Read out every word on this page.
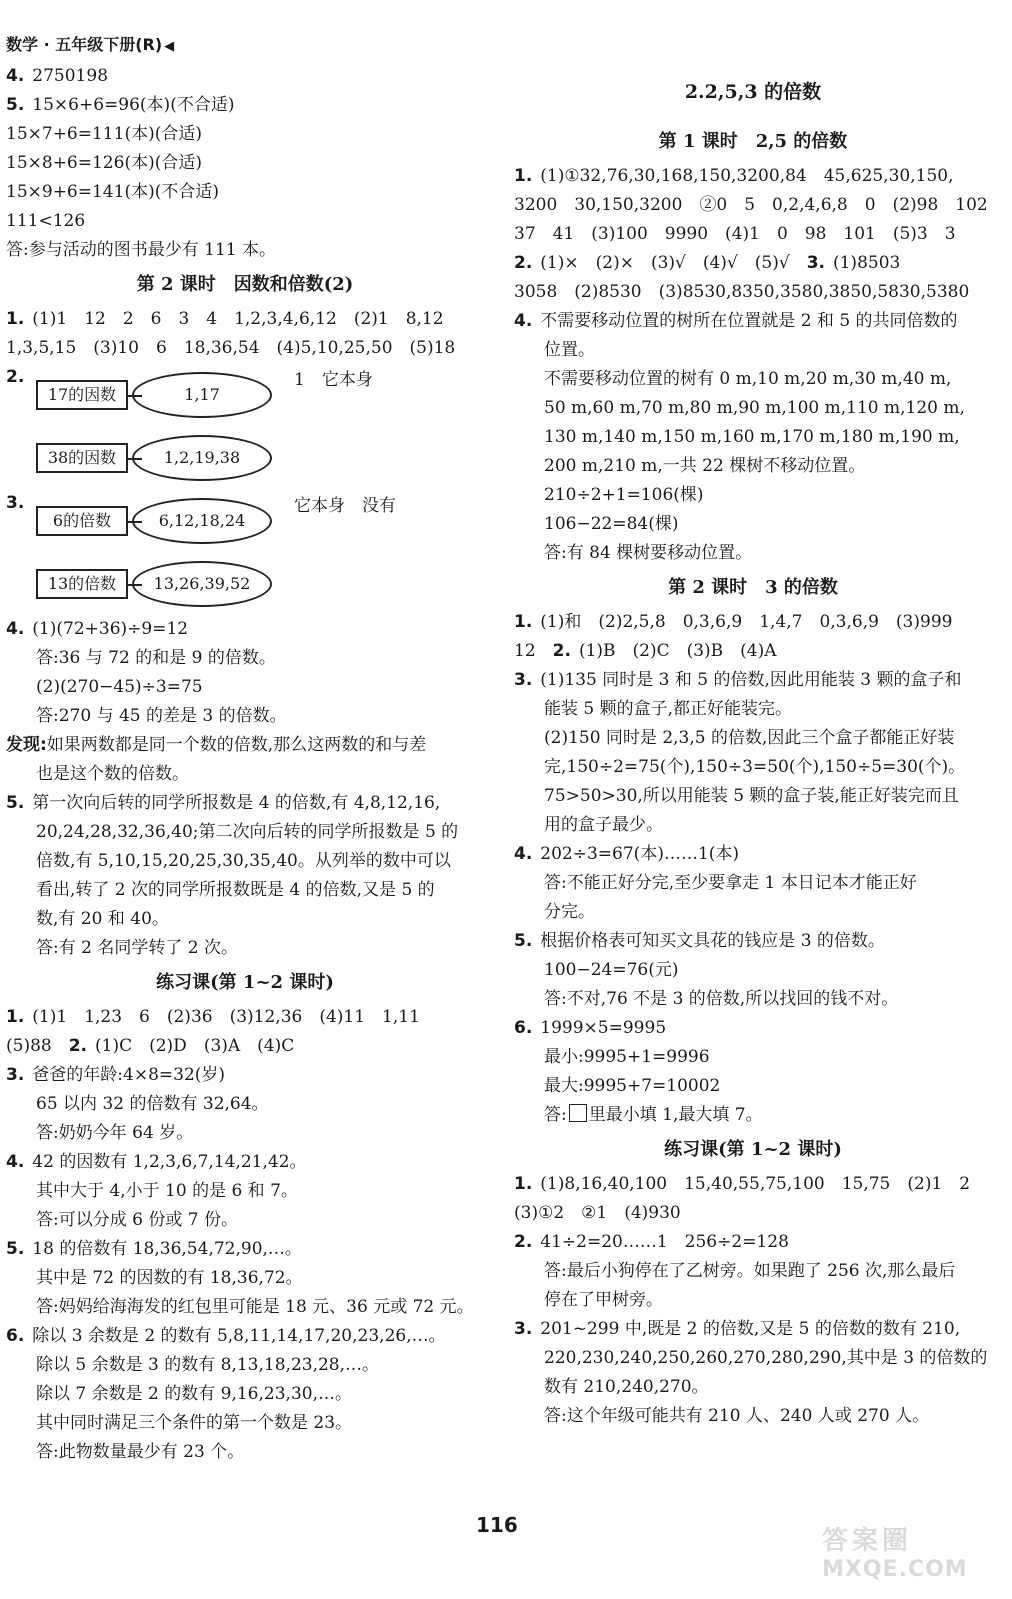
数学 · 五年级下册(R) ◀
4. 2750198
5. 15×6+6=96(本)(不合适)
15×7+6=111(本)(合适)
15×8+6=126(本)(合适)
15×9+6=141(本)(不合适)
111<126
答:参与活动的图书最少有 111 本。
第 2 课时　因数和倍数(2)
1. (1)1　12　2　6　3　4　1,2,3,4,6,12　(2)1　8,12
1,3,5,15　(3)10　6　18,36,54　(4)5,10,25,50　(5)18
2.
17的因数	1,17
1　它本身
38的因数	1,2,19,38
3.
6的倍数	6,12,18,24
它本身　没有
13的倍数	13,26,39,52
4. (1)(72+36)÷9=12
答:36 与 72 的和是 9 的倍数。
(2)(270−45)÷3=75
答:270 与 45 的差是 3 的倍数。
发现:如果两数都是同一个数的倍数,那么这两数的和与差
也是这个数的倍数。
5. 第一次向后转的同学所报数是 4 的倍数,有 4,8,12,16,
20,24,28,32,36,40;第二次向后转的同学所报数是 5 的
倍数,有 5,10,15,20,25,30,35,40。从列举的数中可以
看出,转了 2 次的同学所报数既是 4 的倍数,又是 5 的
数,有 20 和 40。
答:有 2 名同学转了 2 次。
练习课(第 1~2 课时)
1. (1)1　1,23　6　(2)36　(3)12,36　(4)11　1,11
(5)88　2. (1)C　(2)D　(3)A　(4)C
3. 爸爸的年龄:4×8=32(岁)
65 以内 32 的倍数有 32,64。
答:奶奶今年 64 岁。
4. 42 的因数有 1,2,3,6,7,14,21,42。
其中大于 4,小于 10 的是 6 和 7。
答:可以分成 6 份或 7 份。
5. 18 的倍数有 18,36,54,72,90,…。
其中是 72 的因数的有 18,36,72。
答:妈妈给海海发的红包里可能是 18 元、36 元或 72 元。
6. 除以 3 余数是 2 的数有 5,8,11,14,17,20,23,26,…。
除以 5 余数是 3 的数有 8,13,18,23,28,…。
除以 7 余数是 2 的数有 9,16,23,30,…。
其中同时满足三个条件的第一个数是 23。
答:此物数量最少有 23 个。
2.2,5,3 的倍数
第 1 课时　2,5 的倍数
1. (1)①32,76,30,168,150,3200,84　45,625,30,150,
3200　30,150,3200　②0　5　0,2,4,6,8　0　(2)98　102
37　41　(3)100　9990　(4)1　0　98　101　(5)3　3
2. (1)×　(2)×　(3)√　(4)√　(5)√　3. (1)8503
3058　(2)8530　(3)8530,8350,3580,3850,5830,5380
4. 不需要移动位置的树所在位置就是 2 和 5 的共同倍数的
位置。
不需要移动位置的树有 0 m,10 m,20 m,30 m,40 m,
50 m,60 m,70 m,80 m,90 m,100 m,110 m,120 m,
130 m,140 m,150 m,160 m,170 m,180 m,190 m,
200 m,210 m,一共 22 棵树不移动位置。
210÷2+1=106(棵)
106−22=84(棵)
答:有 84 棵树要移动位置。
第 2 课时　3 的倍数
1. (1)和　(2)2,5,8　0,3,6,9　1,4,7　0,3,6,9　(3)999
12　2. (1)B　(2)C　(3)B　(4)A
3. (1)135 同时是 3 和 5 的倍数,因此用能装 3 颗的盒子和
能装 5 颗的盒子,都正好能装完。
(2)150 同时是 2,3,5 的倍数,因此三个盒子都能正好装
完,150÷2=75(个),150÷3=50(个),150÷5=30(个)。
75>50>30,所以用能装 5 颗的盒子装,能正好装完而且
用的盒子最少。
4. 202÷3=67(本)……1(本)
答:不能正好分完,至少要拿走 1 本日记本才能正好
分完。
5. 根据价格表可知买文具花的钱应是 3 的倍数。
100−24=76(元)
答:不对,76 不是 3 的倍数,所以找回的钱不对。
6. 1999×5=9995
最小:9995+1=9996
最大:9995+7=10002
答: 里最小填 1,最大填 7。
练习课(第 1~2 课时)
1. (1)8,16,40,100　15,40,55,75,100　15,75　(2)1　2
(3)①2　②1　(4)930
2. 41÷2=20……1　256÷2=128
答:最后小狗停在了乙树旁。如果跑了 256 次,那么最后
停在了甲树旁。
3. 201~299 中,既是 2 的倍数,又是 5 的倍数的数有 210,
220,230,240,250,260,270,280,290,其中是 3 的倍数的
数有 210,240,270。
答:这个年级可能共有 210 人、240 人或 270 人。
116
答案圈
MXQE.COM
